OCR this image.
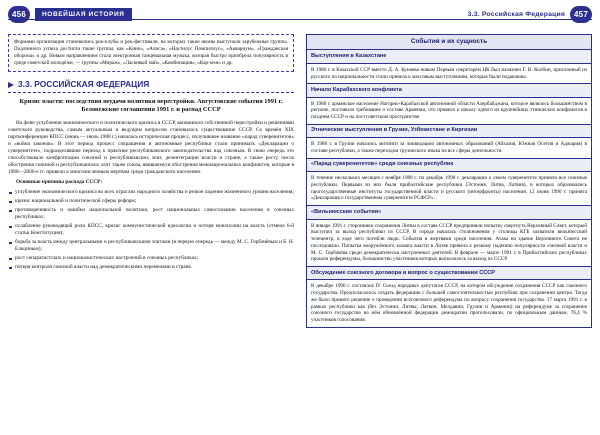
456	НОВЕЙШАЯ ИСТОРИЯ	3.3. Российская Федерация	457
Формами организации становились рок-клубы и рок-фестивали, на которых такие иконы выступали зарубежные группы. Подлинного успеха достигли такие группы, как «Кино», «Алиса», «Наутилус Помпилиус», «Аквариум», «Гражданская оборона» и др. Новым направлением стала электронная танцевальная музыка, которая быстро приобрела популярность в среде советской молодёжи, — группы «Мираж», «Ласковый май», «Комбинация», «Кар-мэн» и др.
3.3. РОССИЙСКАЯ ФЕДЕРАЦИЯ
Кризис власти: последствия неудачи политики перестройки. Августовские события 1991 г. Беловежские соглашения 1991 г. и распад СССР

На фоне углубления экономического и политического кризиса в СССР, вызванного собственной перестройки и решениями советского руководства, самым актуальным и ведущим вопросом становилось существование СССР. Со времён XIX партконференции КПСС (июнь — июль 1988 г.) началась историческая процесс, получившее название «парад суверенитетов» и «война законов». В этот период процесс сокращения и автономные республики стали принимать «Декларации о суверенитете», подразделявшие переход к практике республиканского законодательства над союзным. В свою очередь это способствовало конфронтации союзной и республиканских элит, дезинтеграции власти и стране, а также росту числа обострения союзной и республиканских элит также союза, явившемуся обострения межнациональных конфликтов, которые в 1988—2000-е гг. привели к многочисленным жертвам среди гражданского населения.

Основные причины распада СССР:

углубление экономического кризиса во всех отраслях народного хозяйства и резкое падение жизненного уровня населения;

кризис национальной и политической сферы реформ;

противоречивость и ошибки национальной политики, рост национальных самосознания населения в союзных республиках;

ослабление руководящей роли КПСС, кризис коммунистической идеологии и потеря монополии на власть (отмена 6-й статьи Конституции);

борьба за власть между центральными и республиканскими элитами (в первую очередь — между М. С. Горбачёвым и Б. Н. Ельциным);

рост сепаратистских и националистических настроений в союзных республиках;

потеря контроля союзной власти над демократическими переменами в стране.

События и их сущность
Выступления в Казахстане
В 1986 г. в Казахской ССР вместо Д. А. Кунаева новым Первым секретарём ЦК был назначен Г. В. Колбин, присланный из русского по национальности стали привела к массовым выступлениям, которые были подавлены.
Начало Карабахского конфликта
В 1988 г. армянское население Нагорно-Карабахской автономной области Азербайджана, которое являлось большинством в регионе, поставило требование о составе Армении, что привело к началу одного из крупнейших этнических конфликтов в позднем СССР и на постсоветском пространстве.
Этнические выступления в Грузии, Узбекистане и Киргизии
В 1988 г. в Грузии начались митинги за ликвидацию автономных образований (Абхазия, Южная Осетия и Аджария) в составе республики, а также переходом грузинского языка на все сферы деятельности.
«Парад суверенитетов» среди союзных республик
В течение нескольких месяцев с ноября 1988 г. по декабрь 1990 г. декларации о своем суверенитете приняли все союзные республики. Первыми из них были прибалтийские республики (Эстония, Литва, Латвия), в которых образовались прогосударственные институты государственной власти и русского (интерфронты) населения. 12 июня 1990 г. принята «Декларация о государственном суверенитете РСФСР».
«Вильнюсские события»
В январе 1991 г. сторонники сохранения Литвы в составе СССР предприняли попытку свергнуть Верховный Совет, который выступил за выход республики из СССР. В городе началась столкновения у столицы КГБ захватили вильнюсский телецентр, в ходе чего погибли люди. События и жертвами среди населения. Атака на здание Верховного Совета не последовало. Попытка вооружённого захвата власти в Литве привела к резкому падению популярности союзной власти и М. С. Горбачёва среди демократически настроенных деятелей. В феврале — марте 1991 г. в Прибалтийских республиках прошли референдумы, большинство участников которых высказалось за выход из СССР.
Обсуждение союзного договора и вопрос о существовании СССР
В декабре 1990 г. состоялся IV Съезд народных депутатов СССР, на котором обсуждение сохранения СССР как союзного государства. Предполагалось создать федерацию с большей самостоятельностью республик при сохранении центра. Тогда же было принято решение о проведении всесоюзного референдума по вопросу сохранения государства. 17 марта 1991 г. в рамках республики как (без Эстонии, Литвы, Латвии, Молдавии, Грузии и Армении) на референдуме за сохранение союзного государства на нём обновлённой федерации демократии проголосовали, по официальным данным, 76,4 % участников голосования.
